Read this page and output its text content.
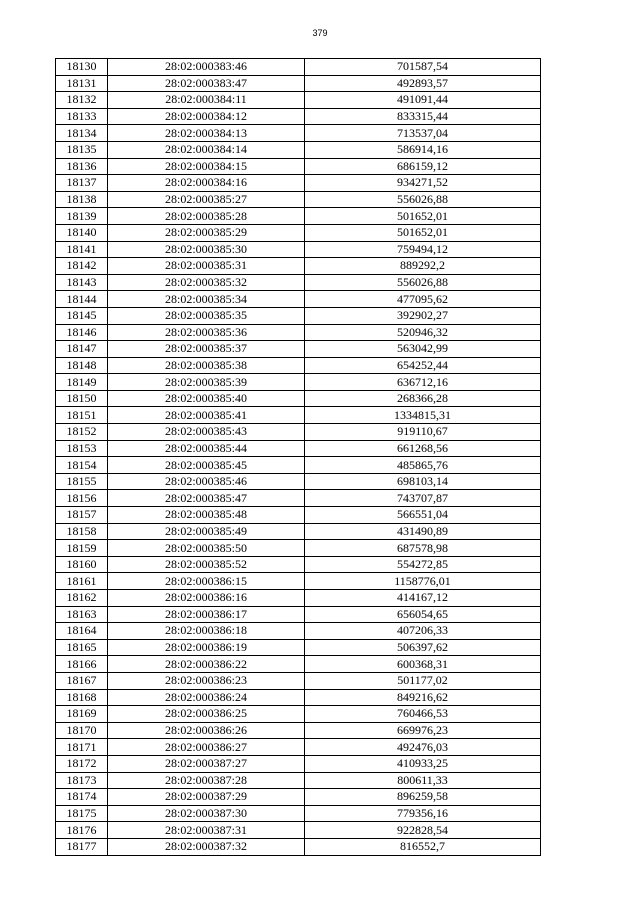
379
18130	28:02:000383:46	701587,54
18131	28:02:000383:47	492893,57
18132	28:02:000384:11	491091,44
18133	28:02:000384:12	833315,44
18134	28:02:000384:13	713537,04
18135	28:02:000384:14	586914,16
18136	28:02:000384:15	686159,12
18137	28:02:000384:16	934271,52
18138	28:02:000385:27	556026,88
18139	28:02:000385:28	501652,01
18140	28:02:000385:29	501652,01
18141	28:02:000385:30	759494,12
18142	28:02:000385:31	889292,2
18143	28:02:000385:32	556026,88
18144	28:02:000385:34	477095,62
18145	28:02:000385:35	392902,27
18146	28:02:000385:36	520946,32
18147	28:02:000385:37	563042,99
18148	28:02:000385:38	654252,44
18149	28:02:000385:39	636712,16
18150	28:02:000385:40	268366,28
18151	28:02:000385:41	1334815,31
18152	28:02:000385:43	919110,67
18153	28:02:000385:44	661268,56
18154	28:02:000385:45	485865,76
18155	28:02:000385:46	698103,14
18156	28:02:000385:47	743707,87
18157	28:02:000385:48	566551,04
18158	28:02:000385:49	431490,89
18159	28:02:000385:50	687578,98
18160	28:02:000385:52	554272,85
18161	28:02:000386:15	1158776,01
18162	28:02:000386:16	414167,12
18163	28:02:000386:17	656054,65
18164	28:02:000386:18	407206,33
18165	28:02:000386:19	506397,62
18166	28:02:000386:22	600368,31
18167	28:02:000386:23	501177,02
18168	28:02:000386:24	849216,62
18169	28:02:000386:25	760466,53
18170	28:02:000386:26	669976,23
18171	28:02:000386:27	492476,03
18172	28:02:000387:27	410933,25
18173	28:02:000387:28	800611,33
18174	28:02:000387:29	896259,58
18175	28:02:000387:30	779356,16
18176	28:02:000387:31	922828,54
18177	28:02:000387:32	816552,7
